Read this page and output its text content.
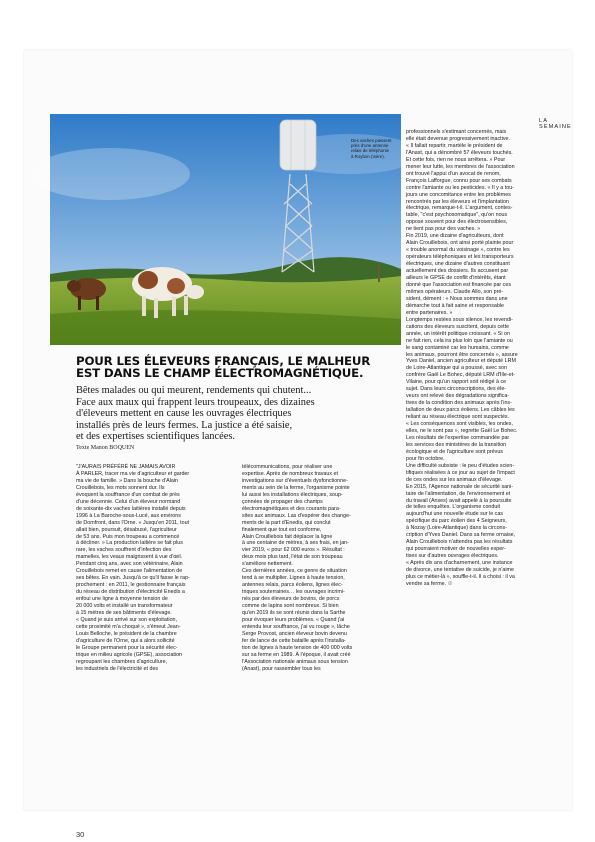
LA SEMAINE
Des vaches paissent
près d'une antenne
relais de téléphonie
à Roybon (Isère).
POUR LES ÉLEVEURS FRANÇAIS, LE MALHEUR
EST DANS LE CHAMP ÉLECTROMAGNÉTIQUE.
Bêtes malades ou qui meurent, rendements qui chutent...
Face aux maux qui frappent leurs troupeaux, des dizaines
d'éleveurs mettent en cause les ouvrages électriques
installés près de leurs fermes. La justice a été saisie,
et des expertises scientifiques lancées.
Texte Manon BOQUEN
"J'AURAIS PRÉFÉRÉ NE JAMAIS AVOIR
À PARLER, tracer ma vie d'agriculteur et garder
ma vie de famille. » Dans la bouche d'Alain
Crouillebois, les mots sonnent dur. Ils
évoquent la souffrance d'un combat de près
d'une décennie. Celui d'un éleveur normand
de soixante-dix vaches laitières installé depuis
1996 à La Baroche-sous-Lucé, aux environs
de Domfront, dans l'Orne. « Jusqu'en 2011, tout
allait bien, poursuit, désabusé, l'agriculteur
de 53 ans. Puis mon troupeau a commencé
à décliner. » La production laitière se fait plus
rare, les vaches souffrent d'infection des
mamelles, les veaux maigrissent à vue d'œil.
Pendant cinq ans, avec son vétérinaire, Alain
Crouillebois remet en cause l'alimentation de
ses bêtes. En vain. Jusqu'à ce qu'il fasse le rap-
prochement : en 2011, le gestionnaire français
du réseau de distribution d'électricité Enedis a
enfoui une ligne à moyenne tension de
20 000 volts et installé un transformateur
à 15 mètres de ses bâtiments d'élevage.
« Quand je suis arrivé sur son exploitation,
cette proximité m'a choqué », s'émeut Jean-
Louis Belloche, le président de la chambre
d'agriculture de l'Orne, qui a alors sollicité
le Groupe permanent pour la sécurité élec-
trique en milieu agricole (GPSE), association
regroupant les chambres d'agriculture,
les industriels de l'électricité et des
télécommunications, pour réaliser une
expertise. Après de nombreux travaux et
investigations sur d'éventuels dysfonctionne-
ments au sein de la ferme, l'organisme pointe
lui aussi les installations électriques, soup-
çonnées de propager des champs
électromagnétiques et des courants para-
sites aux animaux. Las d'espérer des change-
ments de la part d'Enedis, qui conclut
finalement que tout est conforme,
Alain Crouillebois fait déplacer la ligne
à une centaine de mètres, à ses frais, en jan-
vier 2019, « pour 62 000 euros ». Résultat :
deux mois plus tard, l'état de son troupeau
s'améliore nettement.
Ces dernières années, ce genre de situation
tend à se multiplier. Lignes à haute tension,
antennes relais, parcs éoliens, lignes élec-
triques souterraines… les ouvrages incrimi-
nés par des éleveurs de bovins, de porcs
comme de lapins sont nombreux. Si bien
qu'en 2019 ils se sont réunis dans la Sarthe
pour évoquer leurs problèmes. « Quand j'ai
entendu leur souffrance, j'ai vu rouge », lâche
Serge Provost, ancien éleveur bovin devenu
fer de lance de cette bataille après l'installa-
tion de lignes à haute tension de 400 000 volts
sur sa ferme en 1989. À l'époque, il avait créé
l'Association nationale animaux sous tension
(Anast), pour rassembler tous les
professionnels s'estimant concernés, mais
elle était devenue progressivement inactive.
« Il fallait repartir, martèle le président de
l'Anast, qui a dénombré 57 éleveurs touchés.
Et cette fois, rien ne nous arrêtera. » Pour
mener leur lutte, les membres de l'association
ont trouvé l'appui d'un avocat de renom,
François Lafforgue, connu pour ses combats
contre l'amiante ou les pesticides. « Il y a tou-
jours une concomitance entre les problèmes
rencontrés par les éleveurs et l'implantation
électrique, remarque-t-il. L'argument, contes-
table, "c'est psychosomatique", qu'on nous
oppose souvent pour des électrosensibles,
ne tient pas pour des vaches. »
Fin 2019, une dizaine d'agriculteurs, dont
Alain Crouillebois, ont ainsi porté plainte pour
« trouble anormal du voisinage », contre les
opérateurs téléphoniques et les transporteurs
électriques, une dizaine d'autres constituant
actuellement des dossiers. Ils accusent par
ailleurs le GPSE de conflit d'intérêts, étant
donné que l'association est financée par ces
mêmes opérateurs. Claude Allo, son pré-
sident, dément : « Nous sommes dans une
démarche tout à fait saine et responsable
entre partenaires. »
Longtemps restées sous silence, les revendi-
cations des éleveurs suscitent, depuis cette
année, un intérêt politique croissant. « Si on
ne fait rien, cela ira plus loin que l'amiante ou
le sang contaminé car les humains, comme
les animaux, pourront être concernés », assure
Yves Daniel, ancien agriculteur et député LRM
de Loire-Atlantique qui a poussé, avec son
confrère Gaël Le Bohec, député LRM d'Ille-et-
Vilaine, pour qu'un rapport soit rédigé à ce
sujet. Dans leurs circonscriptions, des éle-
veurs ont relevé des dégradations significa-
tives de la condition des animaux après l'ins-
tallation de deux parcs éoliens. Les câbles les
reliant au réseau électrique sont suspectés.
« Les conséquences sont visibles, les ondes,
elles, ne le sont pas », regrette Gaël Le Bohec.
Les résultats de l'expertise commandée par
les services des ministères de la transition
écologique et de l'agriculture sont prévus
pour fin octobre.
Une difficulté subsiste : le peu d'études scien-
tifiques réalisées à ce jour au sujet de l'impact
de ces ondes sur les animaux d'élevage.
En 2015, l'Agence nationale de sécurité sani-
taire de l'alimentation, de l'environnement et
du travail (Anses) avait appelé à la poursuite
de telles enquêtes. L'organisme conduit
aujourd'hui une nouvelle étude sur le cas
spécifique du parc éolien des 4 Seigneurs,
à Nozay (Loire-Atlantique) dans la circons-
cription d'Yves Daniel. Dans sa ferme ornaise,
Alain Crouillebois n'attendra pas les résultats
qui pourraient motiver de nouvelles exper-
tises sur d'autres ouvrages électriques.
« Après dix ans d'acharnement, une instance
de divorce, une tentative de suicide, je n'aime
plus ce métier-là », souffle-t-il. Il a choisi : il va
vendre sa ferme. ☉
30
